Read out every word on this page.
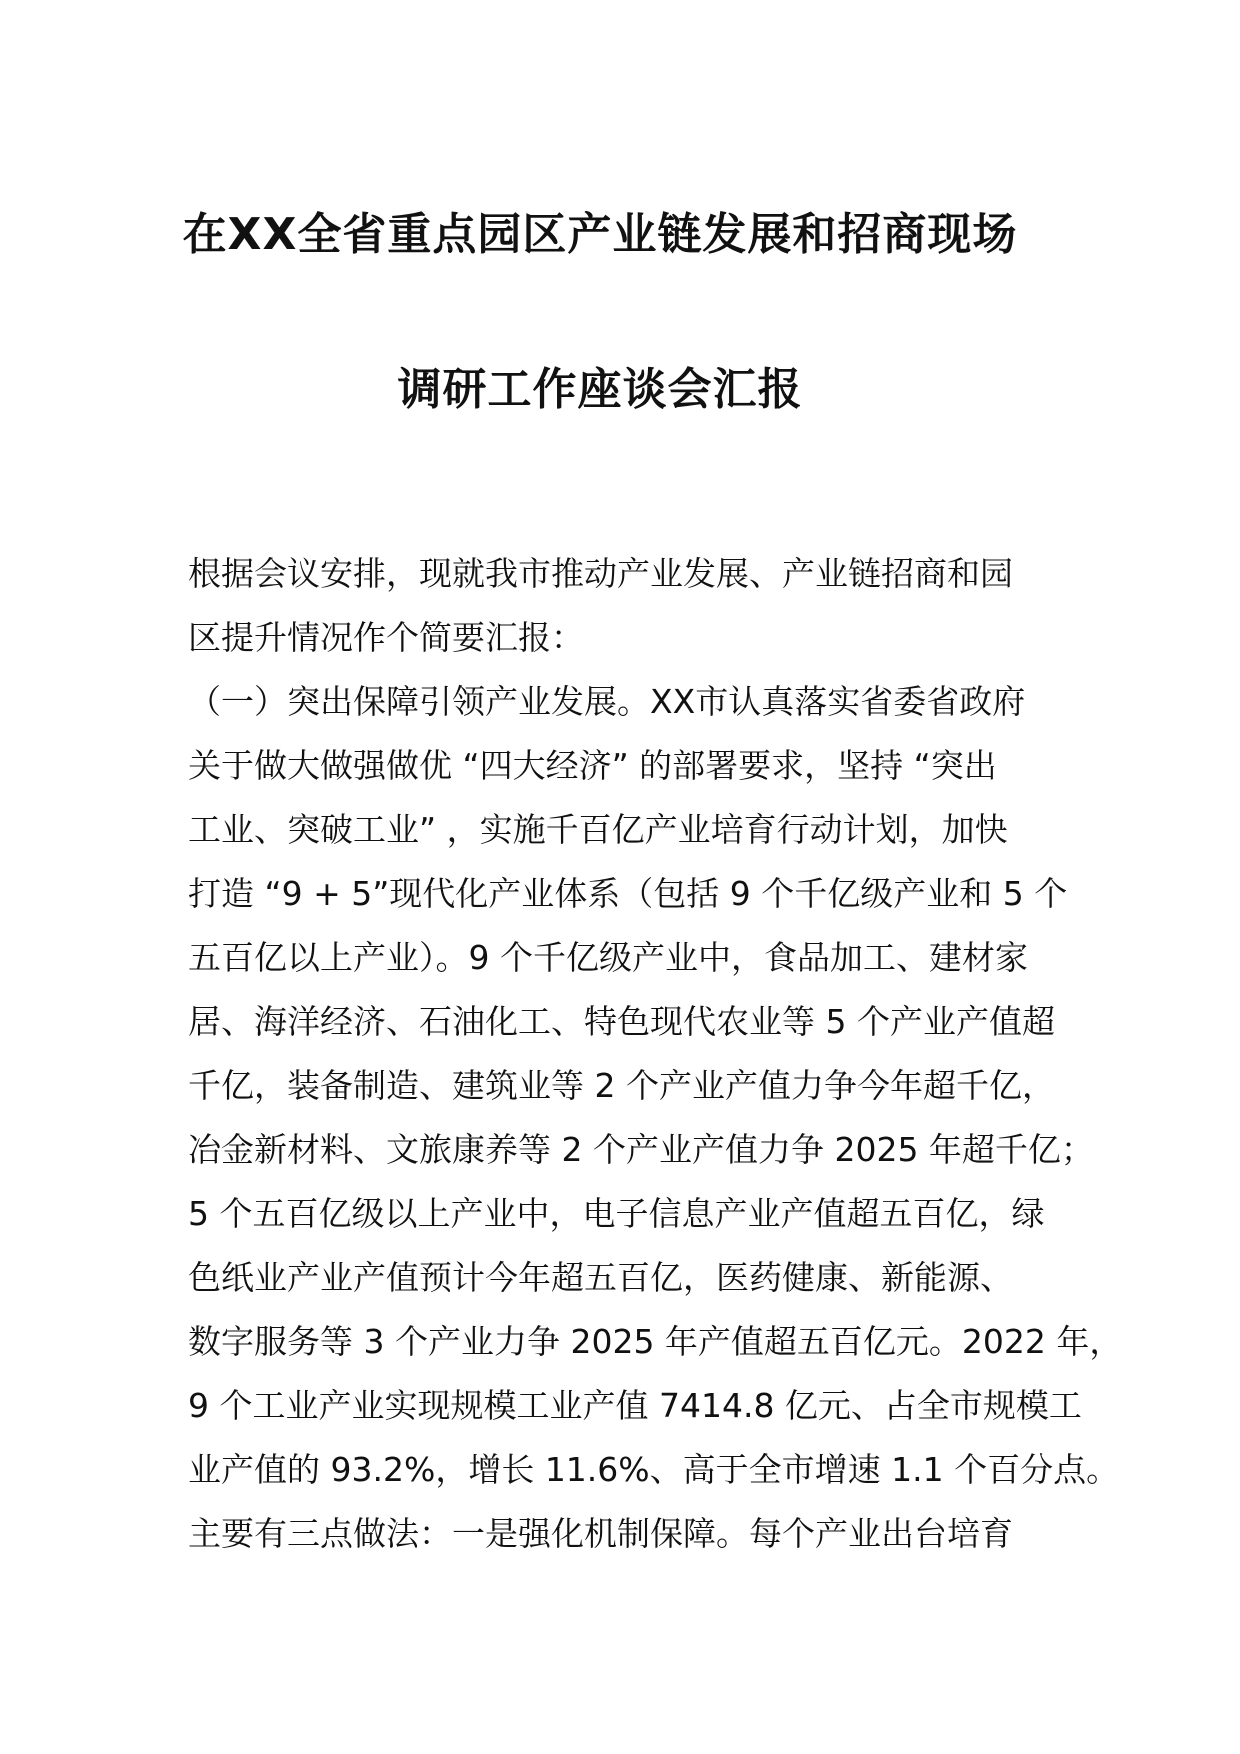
在XX全省重点园区产业链发展和招商现场
调研工作座谈会汇报
根据会议安排，现就我市推动产业发展、产业链招商和园
区提升情况作个简要汇报：
（一）突出保障引领产业发展。XX市认真落实省委省政府
关于做大做强做优 “四大经济” 的部署要求，坚持 “突出
工业、突破工业” ，实施千百亿产业培育行动计划，加快
打造 “9 + 5”现代化产业体系（包括 9 个千亿级产业和 5 个
五百亿以上产业）。9 个千亿级产业中，食品加工、建材家
居、海洋经济、石油化工、特色现代农业等 5 个产业产值超
千亿，装备制造、建筑业等 2 个产业产值力争今年超千亿，
冶金新材料、文旅康养等 2 个产业产值力争 2025 年超千亿；
5 个五百亿级以上产业中，电子信息产业产值超五百亿，绿
色纸业产业产值预计今年超五百亿，医药健康、新能源、
数字服务等 3 个产业力争 2025 年产值超五百亿元。2022 年，
9 个工业产业实现规模工业产值 7414.8 亿元、占全市规模工
业产值的 93.2%，增长 11.6%、高于全市增速 1.1 个百分点。
主要有三点做法：一是强化机制保障。每个产业出台培育
